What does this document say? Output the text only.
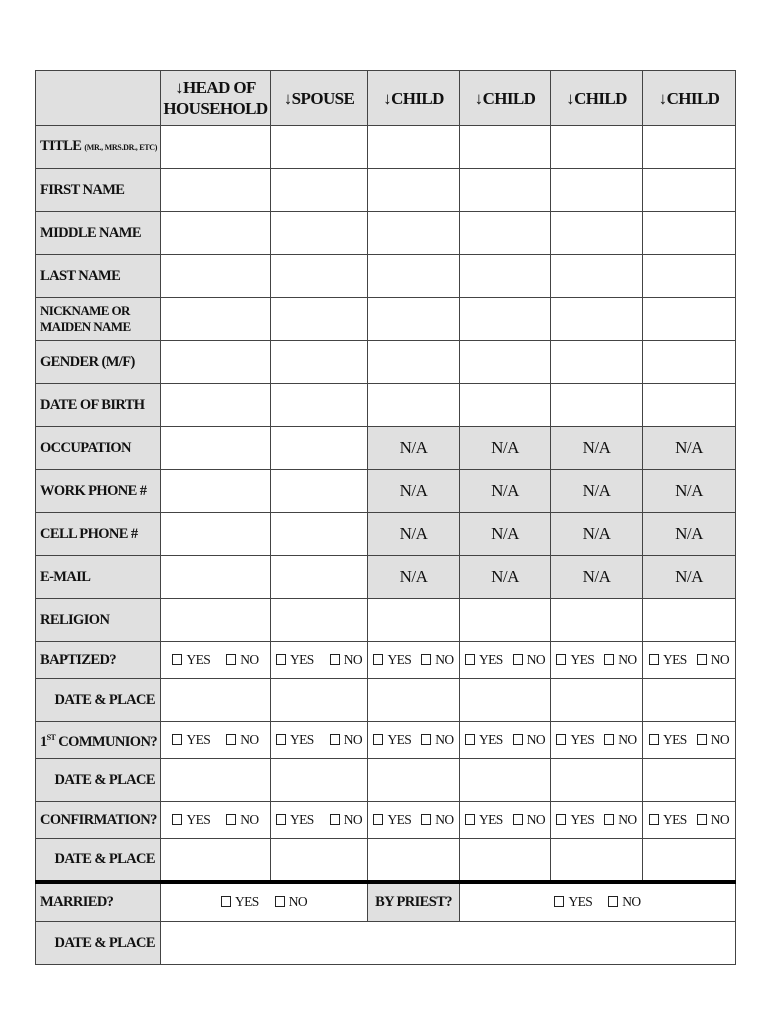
	↓HEAD OF HOUSEHOLD	↓SPOUSE	↓CHILD	↓CHILD	↓CHILD	↓CHILD
TITLE (MR., MRS.DR., ETC)						
FIRST NAME						
MIDDLE NAME						
LAST NAME						
NICKNAME OR MAIDEN NAME						
GENDER (M/F)						
DATE OF BIRTH						
OCCUPATION			N/A	N/A	N/A	N/A
WORK PHONE #			N/A	N/A	N/A	N/A
CELL PHONE #			N/A	N/A	N/A	N/A
E-MAIL			N/A	N/A	N/A	N/A
RELIGION						
BAPTIZED?	YES NO	YES NO	YES NO	YES NO	YES NO	YES NO
DATE & PLACE						
1ST COMMUNION?	YES NO	YES NO	YES NO	YES NO	YES NO	YES NO
DATE & PLACE						
CONFIRMATION?	YES NO	YES NO	YES NO	YES NO	YES NO	YES NO
DATE & PLACE						
MARRIED?	YES NO		BY PRIEST?	YES NO		
DATE & PLACE						
